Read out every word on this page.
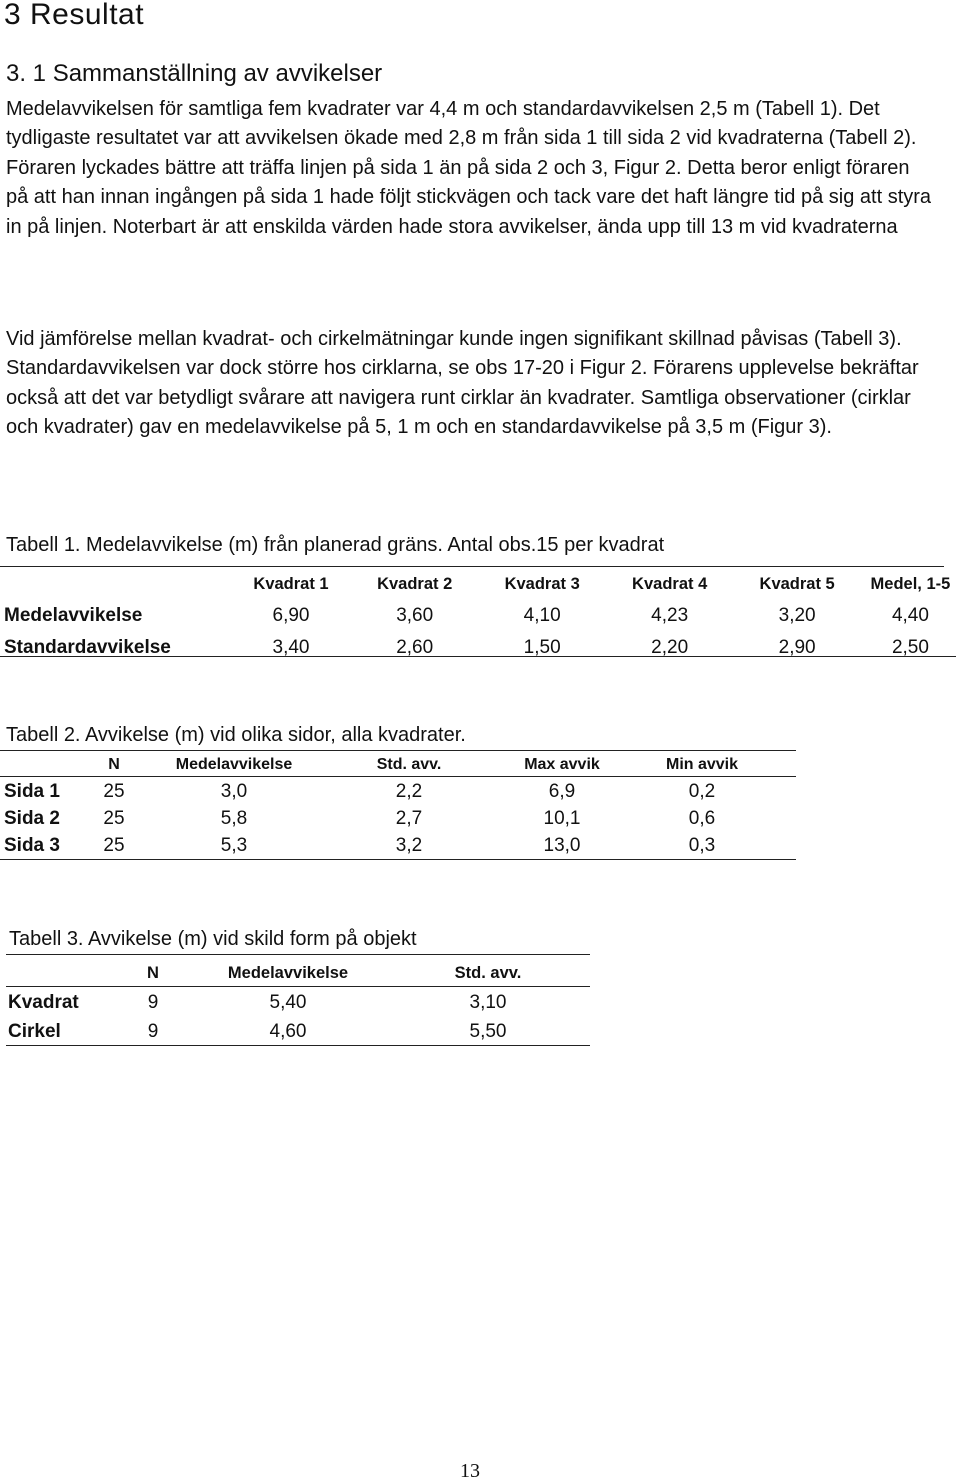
3 Resultat
3. 1 Sammanställning av avvikelser

Medelavvikelsen för samtliga fem kvadrater var 4,4 m och standardavvikelsen 2,5 m (Tabell 1). Det tydligaste resultatet var att avvikelsen ökade med 2,8 m från sida 1 till sida 2 vid kvadraterna (Tabell 2). Föraren lyckades bättre att träffa linjen på sida 1 än på sida 2 och 3, Figur 2. Detta beror enligt föraren på att han innan ingången på sida 1 hade följt stickvägen och tack vare det haft längre tid på sig att styra in på linjen. Noterbart är att enskilda värden hade stora avvikelser, ända upp till 13 m vid kvadraterna

Vid jämförelse mellan kvadrat- och cirkelmätningar kunde ingen signifikant skillnad påvisas (Tabell 3). Standardavvikelsen var dock större hos cirklarna, se obs 17-20 i Figur 2. Förarens upplevelse bekräftar också att det var betydligt svårare att navigera runt cirklar än kvadrater. Samtliga observationer (cirklar och kvadrater) gav en medelavvikelse på 5, 1 m och en standardavvikelse på 3,5 m (Figur 3).

Tabell 1. Medelavvikelse (m) från planerad gräns. Antal obs.15 per kvadrat

	Kvadrat 1	Kvadrat 2	Kvadrat 3	Kvadrat 4	Kvadrat 5	Medel, 1-5
Medelavvikelse	6,90	3,60	4,10	4,23	3,20	4,40
Standardavvikelse	3,40	2,60	1,50	2,20	2,90	2,50

Tabell 2. Avvikelse (m) vid olika sidor, alla kvadrater.

	N	Medelavvikelse	Std. avv.	Max avvik	Min avvik
Sida 1	25	3,0	2,2	6,9	0,2
Sida 2	25	5,8	2,7	10,1	0,6
Sida 3	25	5,3	3,2	13,0	0,3

Tabell 3. Avvikelse (m) vid skild form på objekt

	N	Medelavvikelse	Std. avv.
Kvadrat	9	5,40	3,10
Cirkel	9	4,60	5,50
13
